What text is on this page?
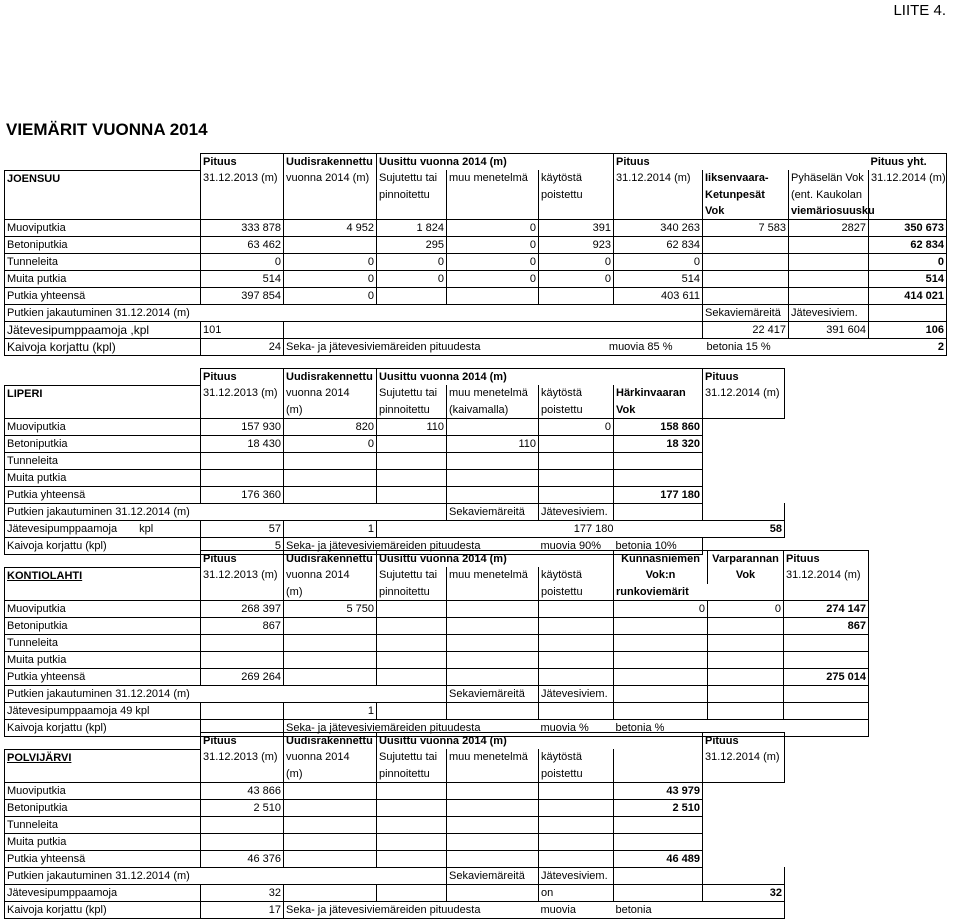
LIITE 4.
VIEMÄRIT VUONNA 2014
	Pituus	Uudisrakennettu	Uusittu vuonna 2014 (m)			Pituus			Pituus yht.
JOENSUU	31.12.2013 (m)	vuonna 2014 (m)	Sujutettu tai	muu menetelmä	käytöstä	31.12.2014 (m)	Iiksenvaara-	Pyhäselän Vok	31.12.2014 (m)
			pinnoitettu		poistettu		Ketunpesät	(ent. Kaukolan	
							Vok	viemäriosuusku	
Muoviputkia	333 878	4 952	1 824	0	391	340 263	7 583	2827	350 673
Betoniputkia	63 462		295	0	923	62 834			62 834
Tunneleita	0	0	0	0	0	0			0
Muita putkia	514	0	0	0	0	514			514
Putkia yhteensä	397 854	0				403 611			414 021
Putkien jakautuminen 31.12.2014 (m)							Sekaviemäreitä	Jätevesiviem.	
Jätevesipumppaamoja ,kpl	101						22 417	391 604	106
Kaivoja korjattu (kpl)	24	Seka- ja jätevesiviemäreiden pituudesta			muovia 85 %		betonia 15 %		2
	Pituus	Uudisrakennettu	Uusittu vuonna 2014 (m)				Pituus
LIPERI	31.12.2013 (m)	vuonna 2014	Sujutettu tai	muu menetelmä	käytöstä	Härkinvaaran	31.12.2014 (m)
		(m)	pinnoitettu	(kaivamalla)	poistettu	Vok	
Muoviputkia	157 930	820	110		0	158 860	
Betoniputkia	18 430	0		110		18 320	
Tunneleita							
Muita putkia							
Putkia yhteensä	176 360					177 180	
Putkien jakautuminen 31.12.2014 (m)				Sekaviemäreitä	Jätevesiviem.		
Jätevesipumppaamoja kpl	57	1	177 180				58
Kaivoja korjattu (kpl)	5	Seka- ja jätevesiviemäreiden pituudesta			muovia 90%	betonia 10%	
	Pituus	Uudisrakennettu	Uusittu vuonna 2014 (m)			Kunnasniemen	Varparannan	Pituus
KONTIOLAHTI	31.12.2013 (m)	vuonna 2014	Sujutettu tai	muu menetelmä	käytöstä	Vok:n	Vok	31.12.2014 (m)
		(m)	pinnoitettu		poistettu	runkoviemärit		
Muoviputkia	268 397	5 750				0	0	274 147
Betoniputkia	867							867
Tunneleita								
Muita putkia								
Putkia yhteensä	269 264							275 014
Putkien jakautuminen 31.12.2014 (m)				Sekaviemäreitä	Jätevesiviem.			
Jätevesipumppaamoja 49 kpl		1						
Kaivoja korjattu (kpl)		Seka- ja jätevesiviemäreiden pituudesta			muovia %	betonia %		
	Pituus	Uudisrakennettu	Uusittu vuonna 2014 (m)				Pituus
POLVIJÄRVI	31.12.2013 (m)	vuonna 2014	Sujutettu tai	muu menetelmä	käytöstä		31.12.2014 (m)
		(m)	pinnoitettu		poistettu		
Muoviputkia	43 866					43 979	
Betoniputkia	2 510					2 510	
Tunneleita							
Muita putkia							
Putkia yhteensä	46 376					46 489	
Putkien jakautuminen 31.12.2014 (m)				Sekaviemäreitä	Jätevesiviem.		
Jätevesipumppaamoja	32				on		32
Kaivoja korjattu (kpl)	17	Seka- ja jätevesiviemäreiden pituudesta			muovia	betonia	
